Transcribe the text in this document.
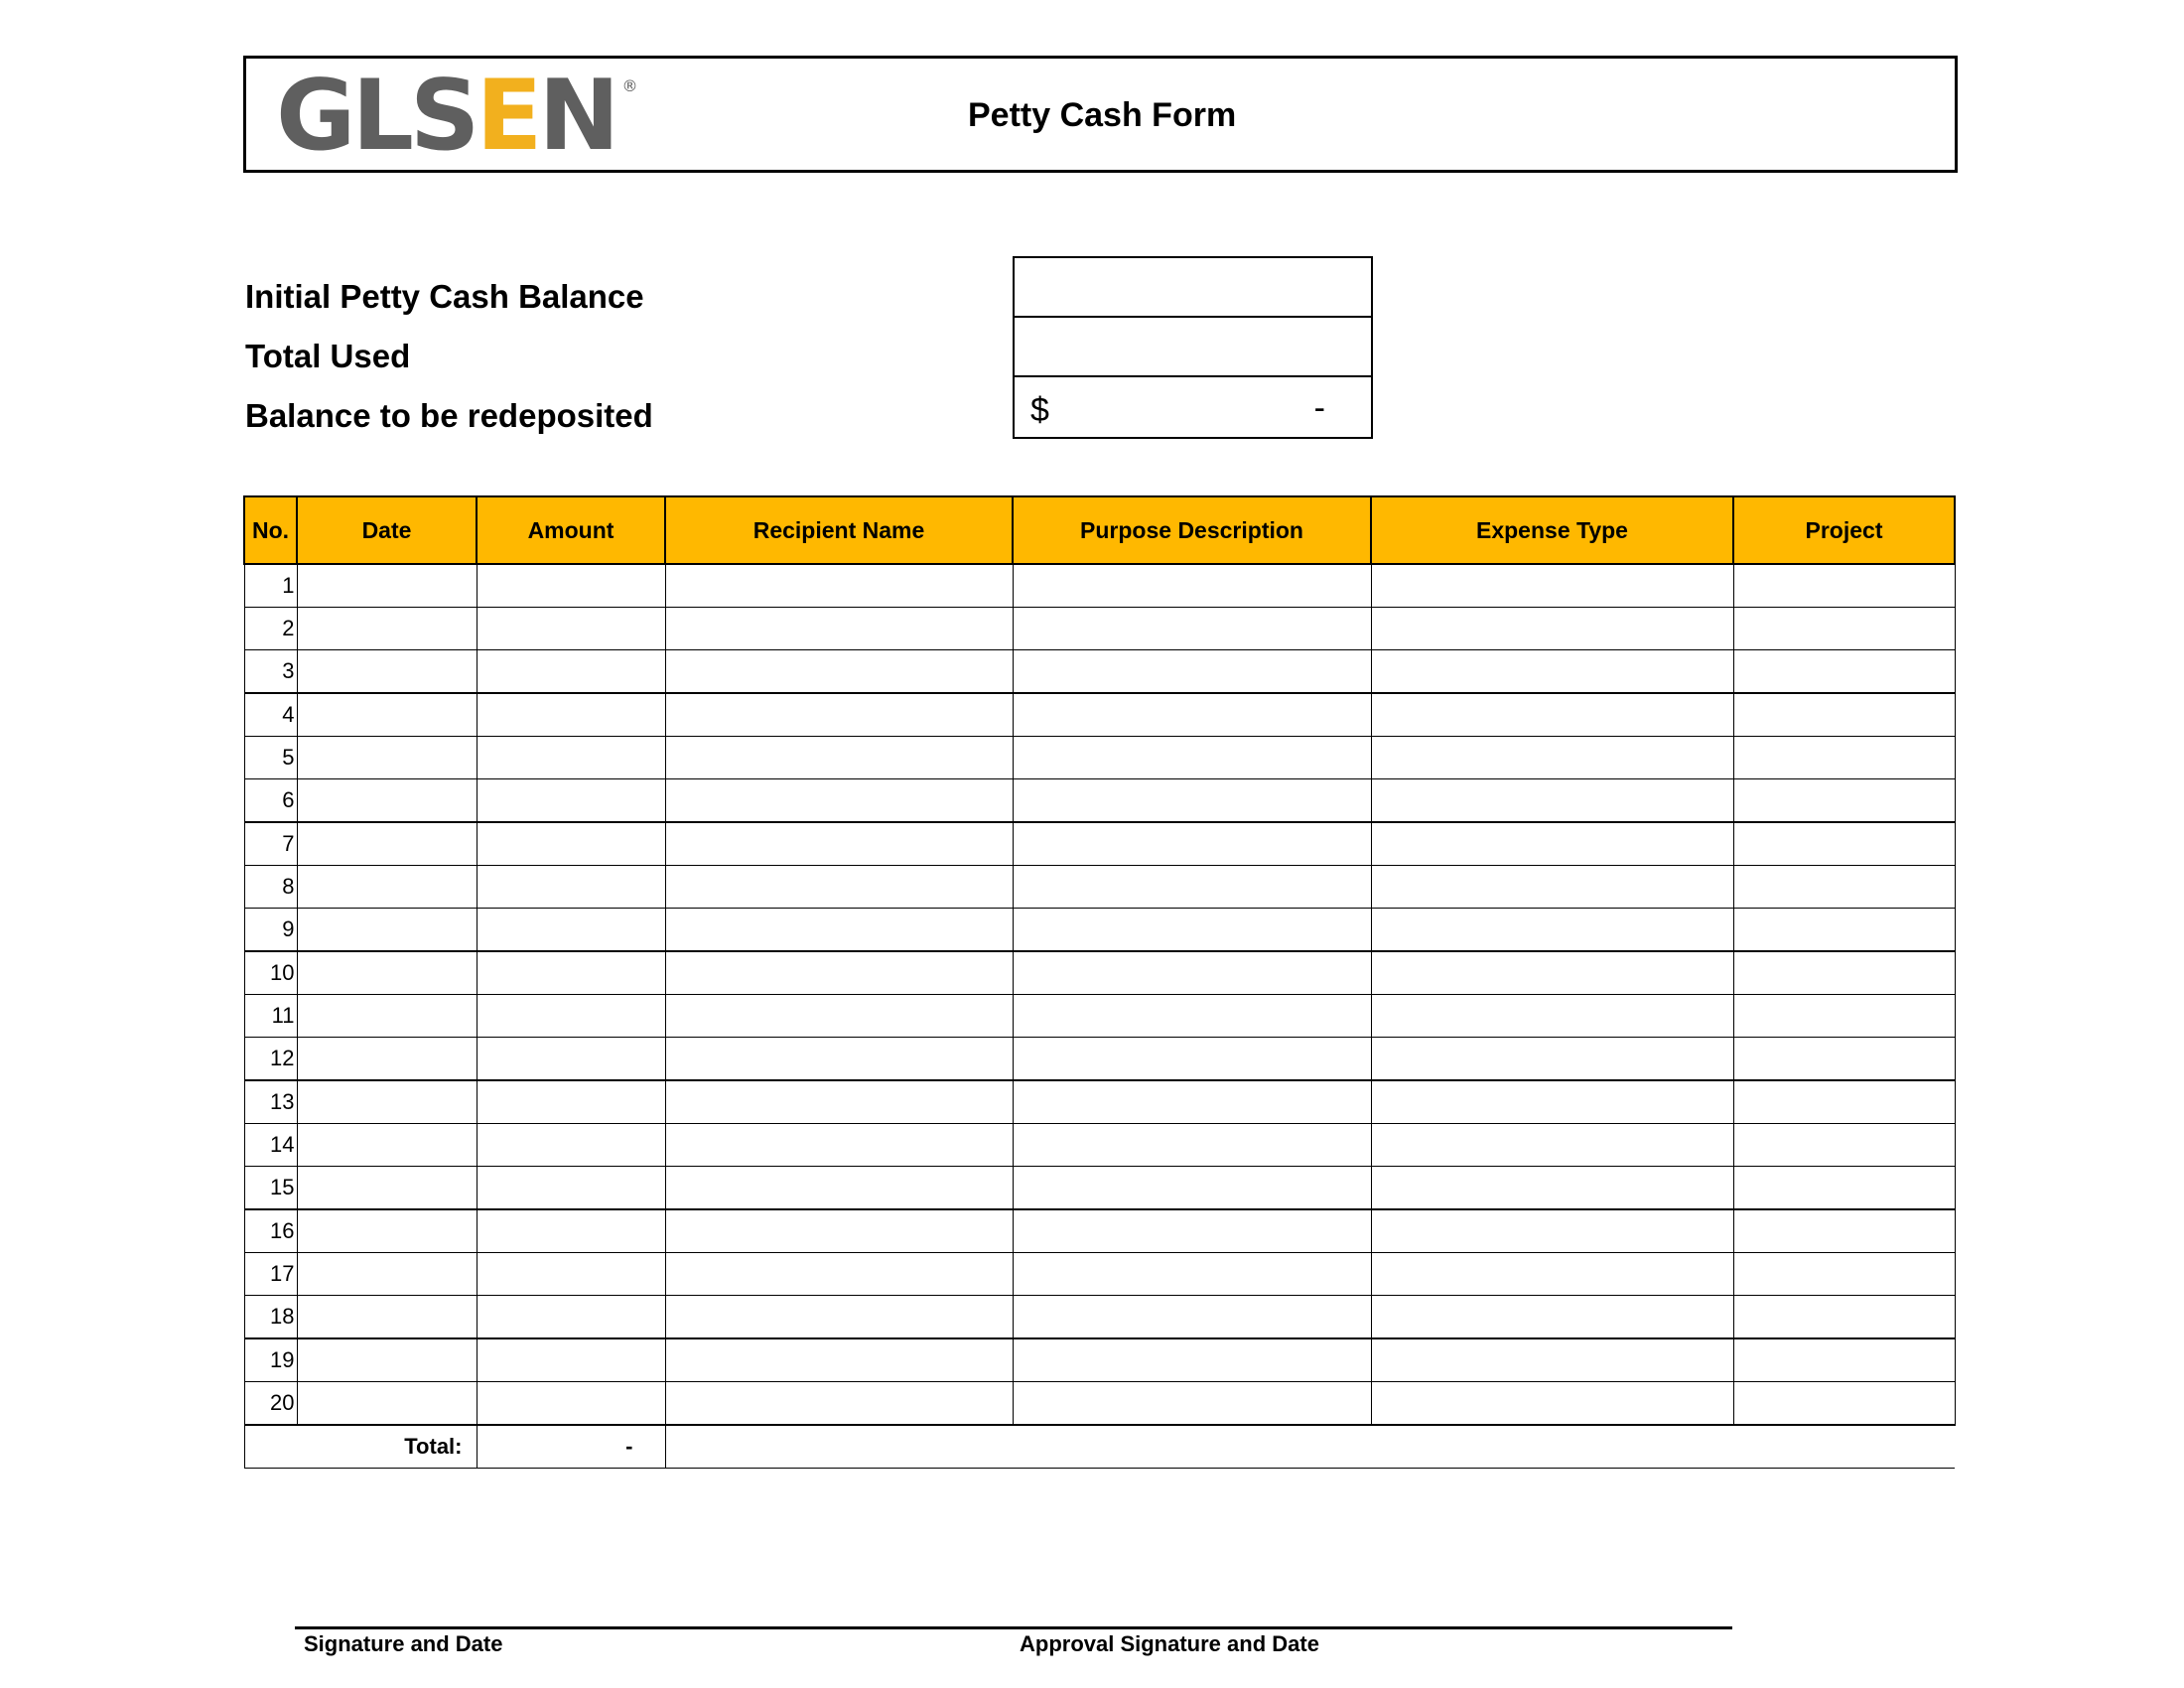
GLS E N ®
Petty Cash Form
Initial Petty Cash Balance
Total Used
Balance to be redeposited	$	-
No.	Date	Amount	Recipient Name	Purpose Description	Expense Type	Project
1						
2						
3						
4						
5						
6						
7						
8						
9						
10						
11						
12						
13						
14						
15						
16						
17						
18						
19						
20						
Total:		-				
Signature and Date	Approval Signature and Date
